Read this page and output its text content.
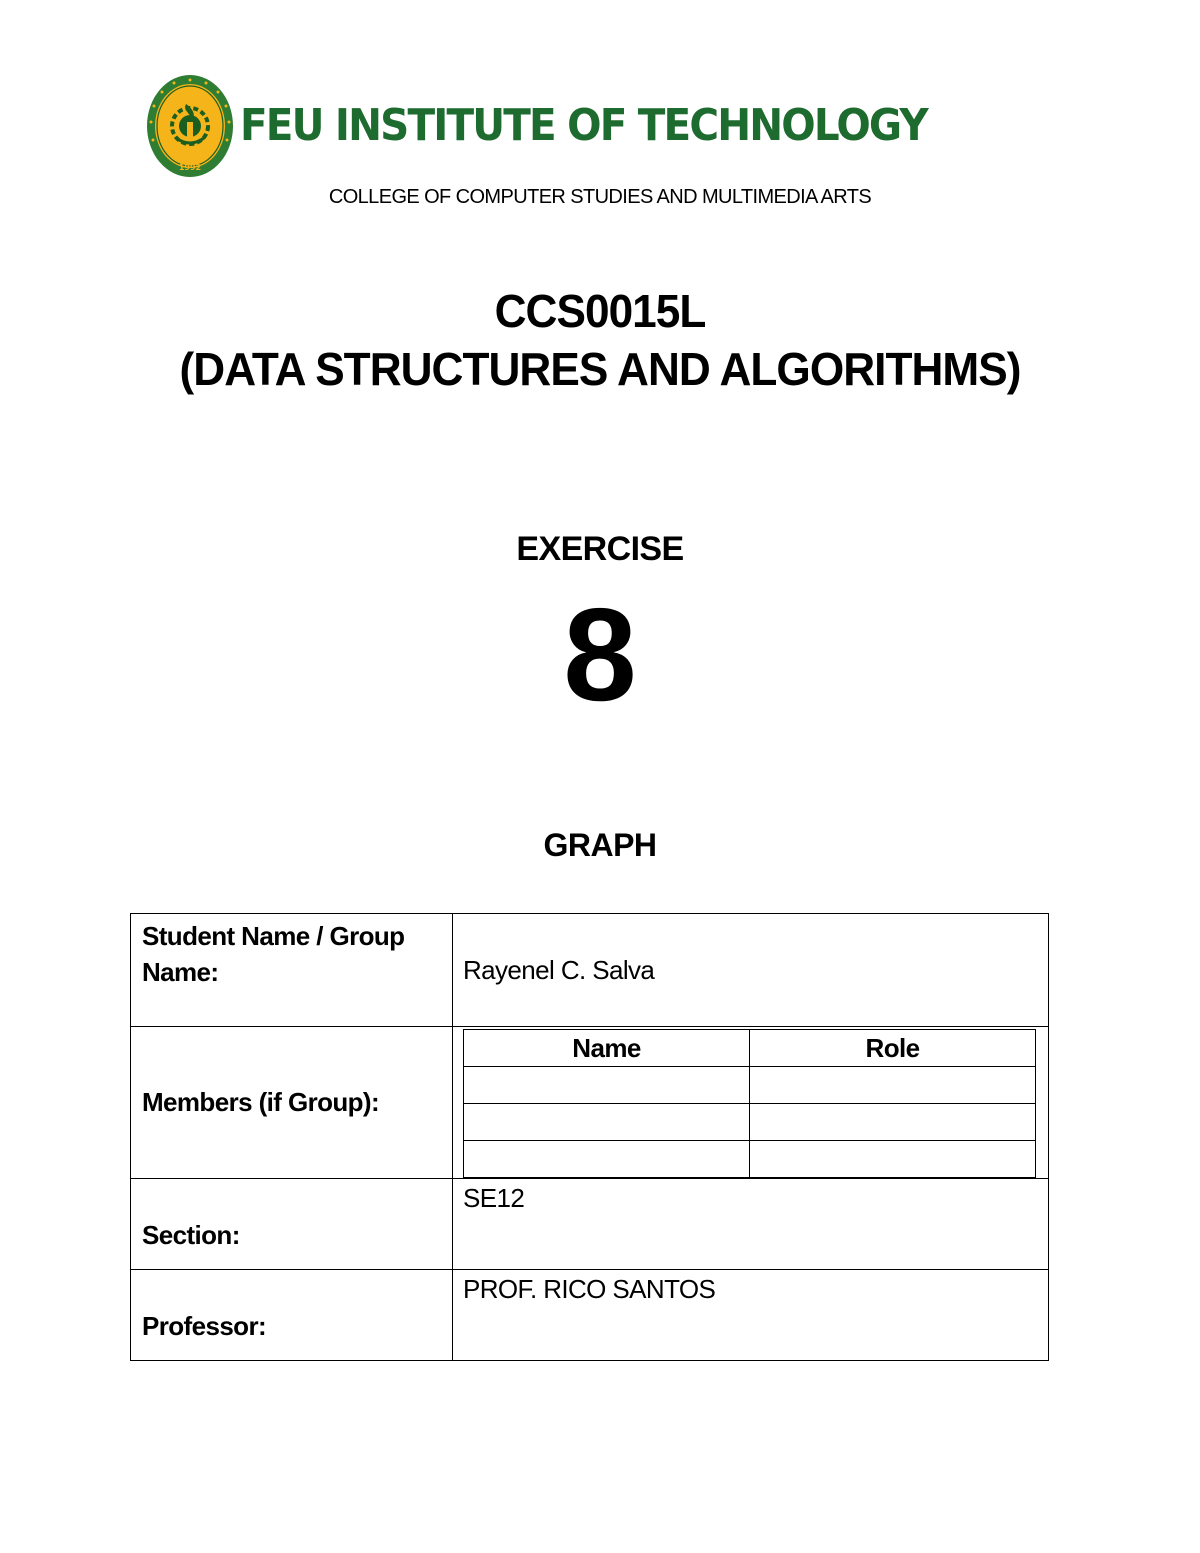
1992
FEU INSTITUTE OF TECHNOLOGY
COLLEGE OF COMPUTER STUDIES AND MULTIMEDIA ARTS
CCS0015L
(DATA STRUCTURES AND ALGORITHMS)
EXERCISE
8
GRAPH
Student Name / Group Name:	Rayenel C. Salva
Members (if Group):	
Name	Role

Section:	SE12
Professor:	PROF. RICO SANTOS
